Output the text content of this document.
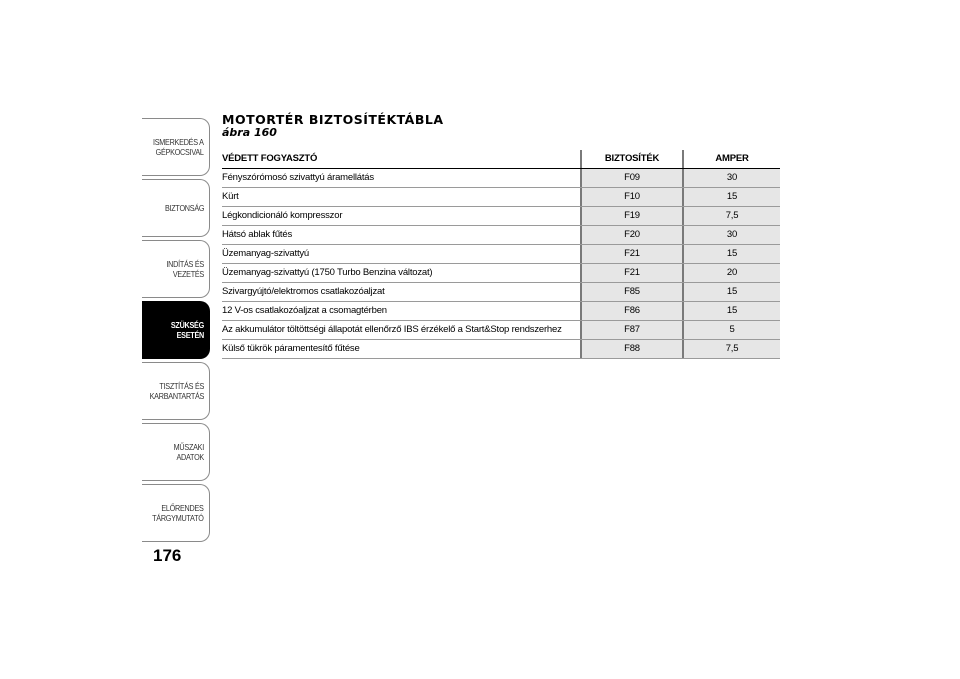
ISMERKEDÉS A
GÉPKOCSIVAL
BIZTONSÁG
INDÍTÁS ÉS VEZETÉS
SZÜKSÉG ESETÉN
TISZTÍTÁS ÉS
KARBANTARTÁS
MŰSZAKI ADATOK
ELŐRENDES
TÁRGYMUTATÓ
176
MOTORTÉR BIZTOSÍTÉKTÁBLA
ábra 160
VÉDETT FOGYASZTÓ	BIZTOSÍTÉK	AMPER
Fényszórómosó szivattyú áramellátás	F09	30
Kürt	F10	15
Légkondicionáló kompresszor	F19	7,5
Hátsó ablak fűtés	F20	30
Üzemanyag-szivattyú	F21	15
Üzemanyag-szivattyú (1750 Turbo Benzina változat)	F21	20
Szivargyújtó/elektromos csatlakozóaljzat	F85	15
12 V-os csatlakozóaljzat a csomagtérben	F86	15
Az akkumulátor töltöttségi állapotát ellenőrző IBS érzékelő a Start&Stop rendszerhez	F87	5
Külső tükrök páramentesítő fűtése	F88	7,5
